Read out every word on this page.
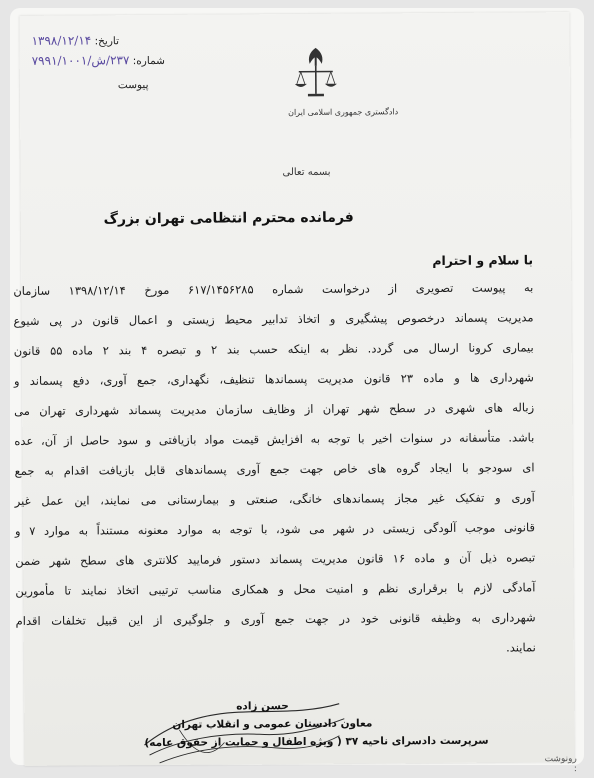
تاریخ: ۱۳۹۸/۱۲/۱۴
شماره: ۲۳۷/ش/۷۹۹۱/۱۰۰۱
پیوست
دادگستری جمهوری اسلامی ایران
بسمه تعالی
فرمانده محترم انتظامی تهران بزرگ
با سلام و احترام
به پیوست تصویری از درخواست شماره ۶۱۷/۱۴۵۶۲۸۵ مورخ ۱۳۹۸/۱۲/۱۴ سازمان
مدیریت پسماند درخصوص پیشگیری و اتخاذ تدابیر محیط زیستی و اعمال قانون در پی شیوع
بیماری کرونا ارسال می گردد. نظر به اینکه حسب بند ۲ و تبصره ۴ بند ۲ ماده ۵۵ قانون
شهرداری ها و ماده ۲۳ قانون مدیریت پسماندها تنظیف، نگهداری، جمع آوری، دفع پسماند و
زباله های شهری در سطح شهر تهران از وظایف سازمان مدیریت پسماند شهرداری تهران می
باشد. متأسفانه در سنوات اخیر با توجه به افزایش قیمت مواد بازیافتی و سود حاصل از آن، عده
ای سودجو با ایجاد گروه های خاص جهت جمع آوری پسماندهای قابل بازیافت اقدام به جمع
آوری و تفکیک غیر مجاز پسماندهای خانگی، صنعتی و بیمارستانی می نمایند، این عمل غیر
قانونی موجب آلودگی زیستی در شهر می شود، با توجه به موارد معنونه مستنداً به موارد ۷ و
تبصره ذیل آن و ماده ۱۶ قانون مدیریت پسماند دستور فرمایید کلانتری های سطح شهر ضمن
آمادگی لازم با برقراری نظم و امنیت محل و همکاری مناسب ترتیبی اتخاذ نمایند تا مأمورین
شهرداری به وظیفه قانونی خود در جهت جمع آوری و جلوگیری از این قبیل تخلفات اقدام
نمایند.
حسن زاده
معاون دادستان عمومی و انقلاب تهران
سرپرست دادسرای ناحیه ۳۷ ( ویژه اطفال و حمایت از حقوق عامه)
رونوشت :
